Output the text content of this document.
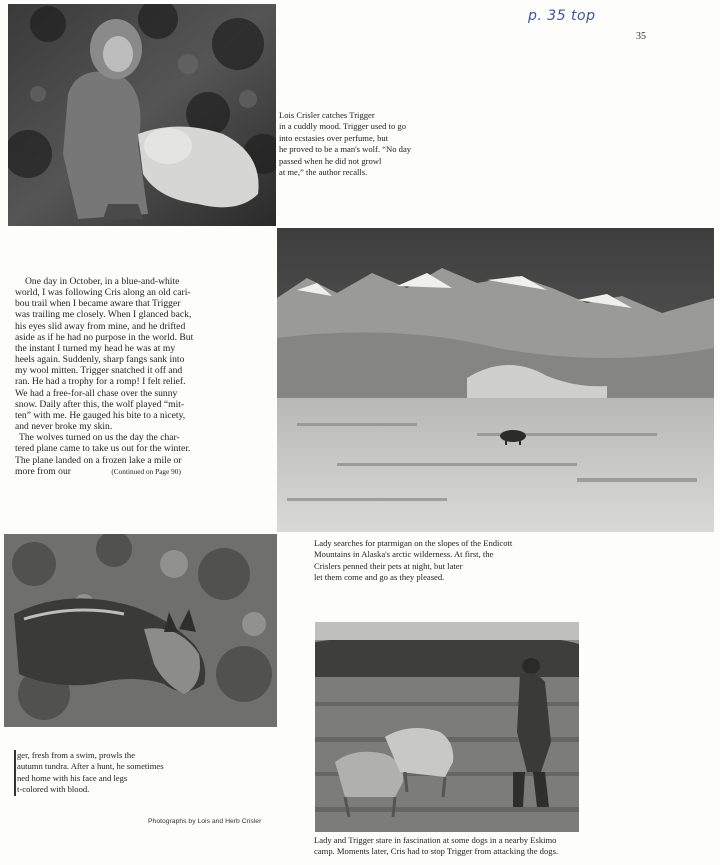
p. 35 top
35
Lois Crisler catches Trigger
in a cuddly mood. Trigger used to go
into ecstasies over perfume, but
he proved to be a man's wolf. “No day
passed when he did not growl
at me,” the author recalls.
One day in October, in a blue-and-white
world, I was following Cris along an old cari-
bou trail when I became aware that Trigger
was trailing me closely. When I glanced back,
his eyes slid away from mine, and he drifted
aside as if he had no purpose in the world. But
the instant I turned my head he was at my
heels again. Suddenly, sharp fangs sank into
my wool mitten. Trigger snatched it off and
ran. He had a trophy for a romp! I felt relief.
We had a free-for-all chase over the sunny
snow. Daily after this, the wolf played “mit-
ten” with me. He gauged his bite to a nicety,
and never broke my skin.
The wolves turned on us the day the char-
tered plane came to take us out for the winter.
The plane landed on a frozen lake a mile or
more from our	(Continued on Page 90)
Lady searches for ptarmigan on the slopes of the Endicott
Mountains in Alaska's arctic wilderness. At first, the
Crislers penned their pets at night, but later
let them come and go as they pleased.
ger, fresh from a swim, prowls the
autumn tundra. After a hunt, he sometimes
ned home with his face and legs
t-colored with blood.
Photographs by Lois and Herb Crisler
Lady and Trigger stare in fascination at some dogs in a nearby Eskimo
camp. Moments later, Cris had to stop Trigger from attacking the dogs.
